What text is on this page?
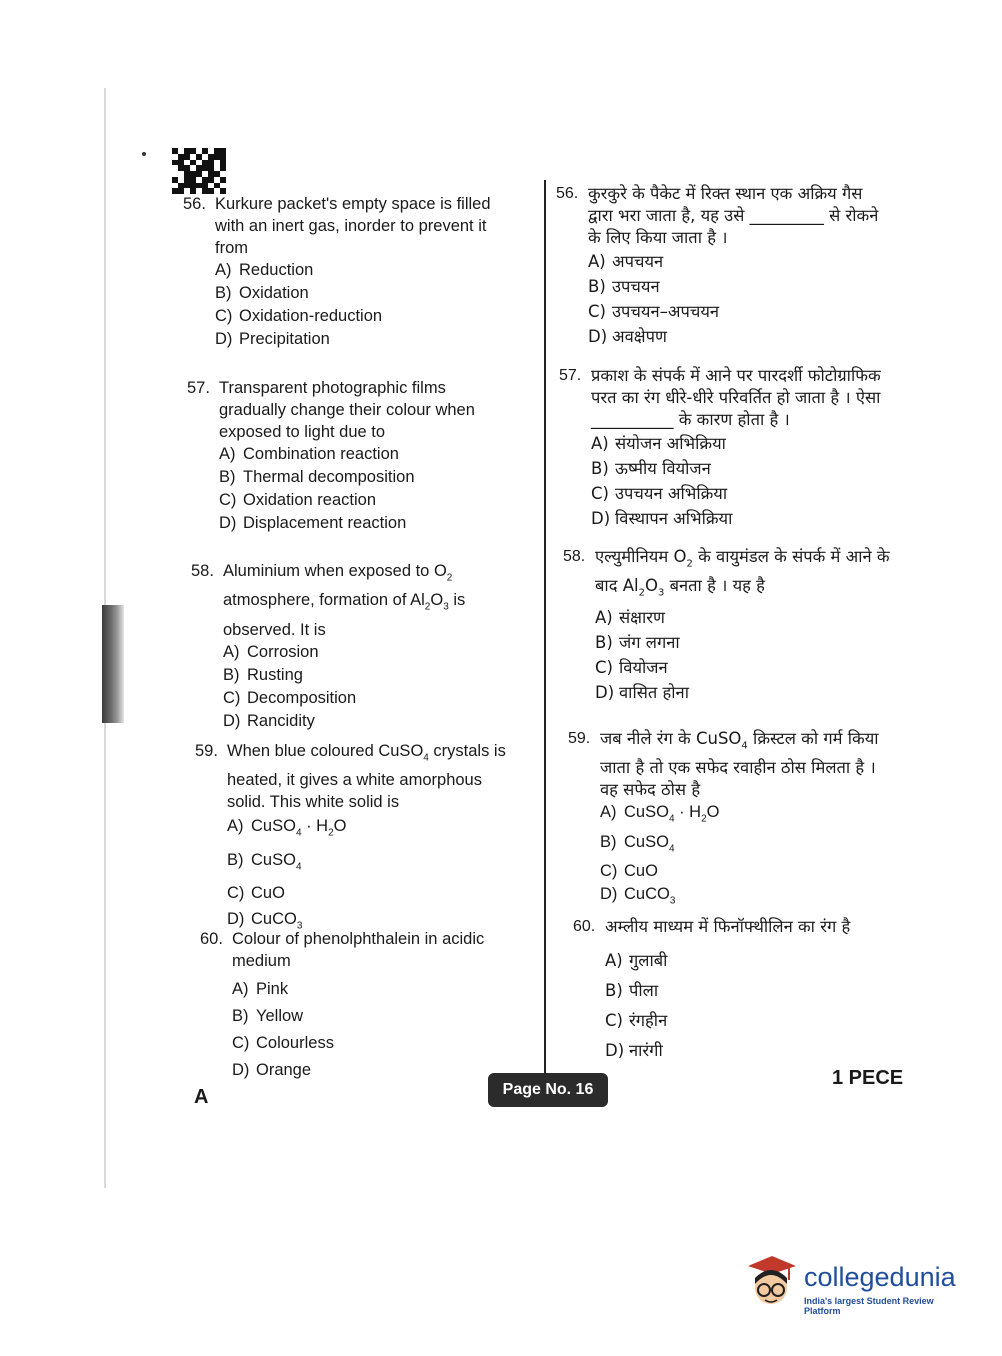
56. Kurkure packet's empty space is filled with an inert gas, inorder to prevent it from
A) Reduction
B) Oxidation
C) Oxidation-reduction
D) Precipitation
57. Transparent photographic films gradually change their colour when exposed to light due to
A) Combination reaction
B) Thermal decomposition
C) Oxidation reaction
D) Displacement reaction
58. Aluminium when exposed to $O_2$ atmosphere, formation of $Al_2O_3$ is observed. It is
A) Corrosion
B) Rusting
C) Decomposition
D) Rancidity
59. When blue coloured CuSO$_4$ crystals is heated, it gives a white amorphous solid. This white solid is
A) CuSO$_4$ · $H_2O$
B) CuSO$_4$
C) CuO
D) CuCO$_3$
60. Colour of phenolphthalein in acidic medium
A) Pink
B) Yellow
C) Colourless
D) Orange
56. कुरकुरे के पैकेट में रिक्त स्थान एक अक्रिय गैस द्वारा भरा जाता है, यह उसे _________ से रोकने के लिए किया जाता है ।
A) अपचयन
B) उपचयन
C) उपचयन–अपचयन
D) अवक्षेपण
57. प्रकाश के संपर्क में आने पर पारदर्शी फोटोग्राफिक परत का रंग धीरे-धीरे परिवर्तित हो जाता है । ऐसा __________ के कारण होता है ।
A) संयोजन अभिक्रिया
B) ऊष्मीय वियोजन
C) उपचयन अभिक्रिया
D) विस्थापन अभिक्रिया
58. एल्युमीनियम $O_2$ के वायुमंडल के संपर्क में आने के बाद $Al_2O_3$ बनता है । यह है
A) संक्षारण
B) जंग लगना
C) वियोजन
D) वासित होना
59. जब नीले रंग के CuSO$_4$ क्रिस्टल को गर्म किया जाता है तो एक सफेद रवाहीन ठोस मिलता है । वह सफेद ठोस है
A) CuSO$_4$ · $H_2O$
B) CuSO$_4$
C) CuO
D) CuCO$_3$
60. अम्लीय माध्यम में फिनॉफ्थीलिन का रंग है
A) गुलाबी
B) पीला
C) रंगहीन
D) नारंगी
A	Page No. 16
1 PECE
collegedunia
India's largest Student Review Platform
